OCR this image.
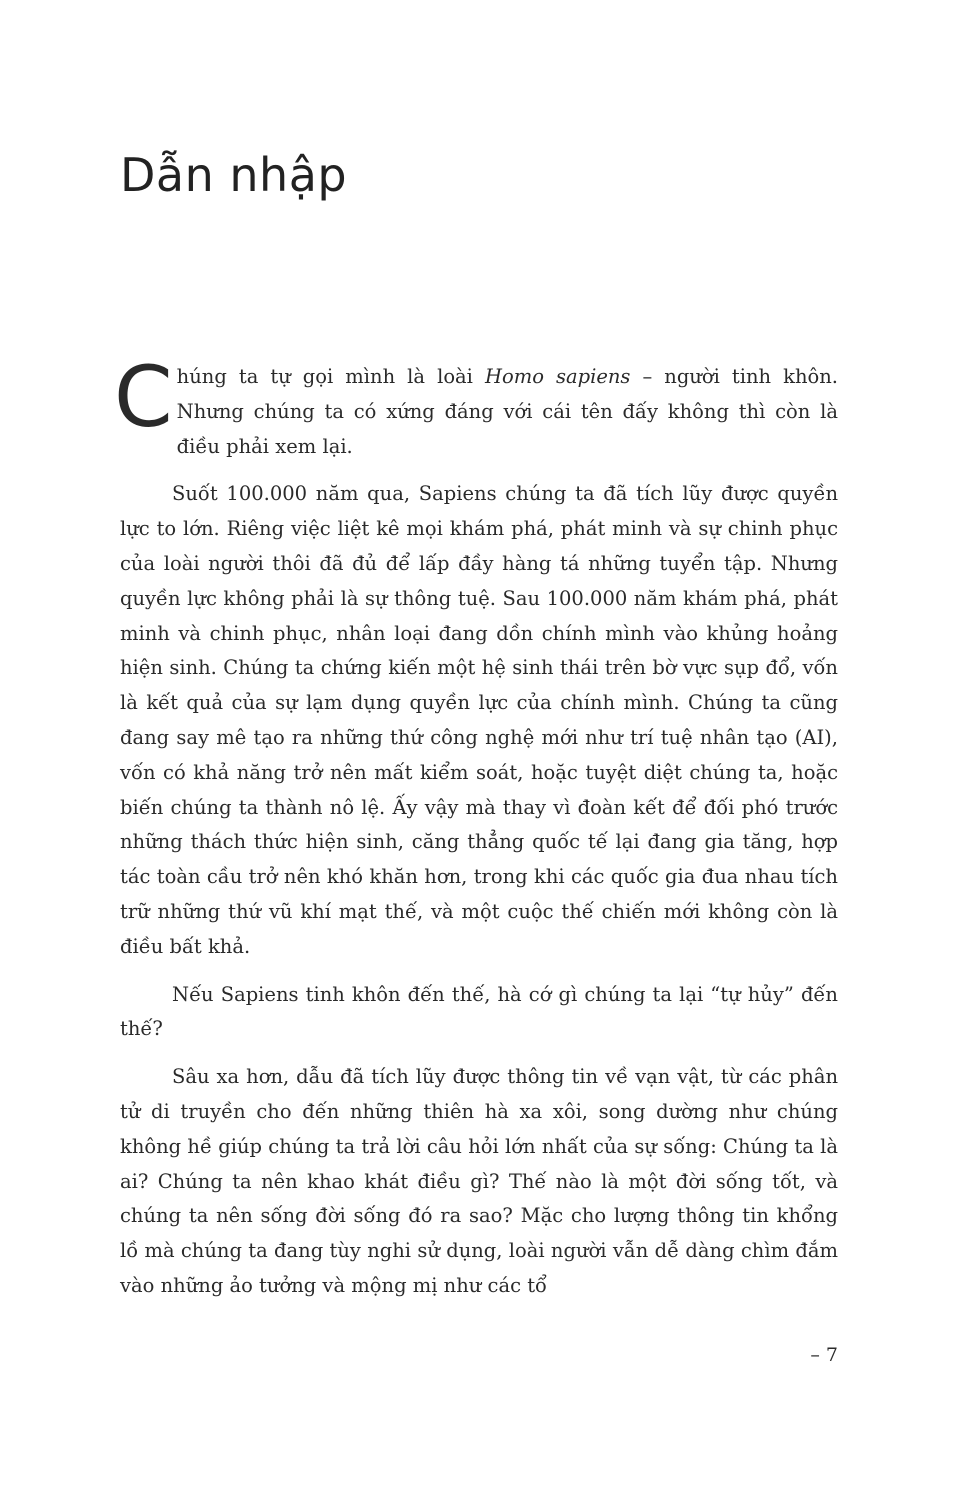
Dẫn nhập

Chúng ta tự gọi mình là loài Homo sapiens – người tinh khôn. Nhưng chúng ta có xứng đáng với cái tên đấy không thì còn là điều phải xem lại.

Suốt 100.000 năm qua, Sapiens chúng ta đã tích lũy được quyền lực to lớn. Riêng việc liệt kê mọi khám phá, phát minh và sự chinh phục của loài người thôi đã đủ để lấp đầy hàng tá những tuyển tập. Nhưng quyền lực không phải là sự thông tuệ. Sau 100.000 năm khám phá, phát minh và chinh phục, nhân loại đang dồn chính mình vào khủng hoảng hiện sinh. Chúng ta chứng kiến một hệ sinh thái trên bờ vực sụp đổ, vốn là kết quả của sự lạm dụng quyền lực của chính mình. Chúng ta cũng đang say mê tạo ra những thứ công nghệ mới như trí tuệ nhân tạo (AI), vốn có khả năng trở nên mất kiểm soát, hoặc tuyệt diệt chúng ta, hoặc biến chúng ta thành nô lệ. Ấy vậy mà thay vì đoàn kết để đối phó trước những thách thức hiện sinh, căng thẳng quốc tế lại đang gia tăng, hợp tác toàn cầu trở nên khó khăn hơn, trong khi các quốc gia đua nhau tích trữ những thứ vũ khí mạt thế, và một cuộc thế chiến mới không còn là điều bất khả.

Nếu Sapiens tinh khôn đến thế, hà cớ gì chúng ta lại “tự hủy” đến thế?

Sâu xa hơn, dẫu đã tích lũy được thông tin về vạn vật, từ các phân tử di truyền cho đến những thiên hà xa xôi, song dường như chúng không hề giúp chúng ta trả lời câu hỏi lớn nhất của sự sống: Chúng ta là ai? Chúng ta nên khao khát điều gì? Thế nào là một đời sống tốt, và chúng ta nên sống đời sống đó ra sao? Mặc cho lượng thông tin khổng lồ mà chúng ta đang tùy nghi sử dụng, loài người vẫn dễ dàng chìm đắm vào những ảo tưởng và mộng mị như các tổ

– 7
